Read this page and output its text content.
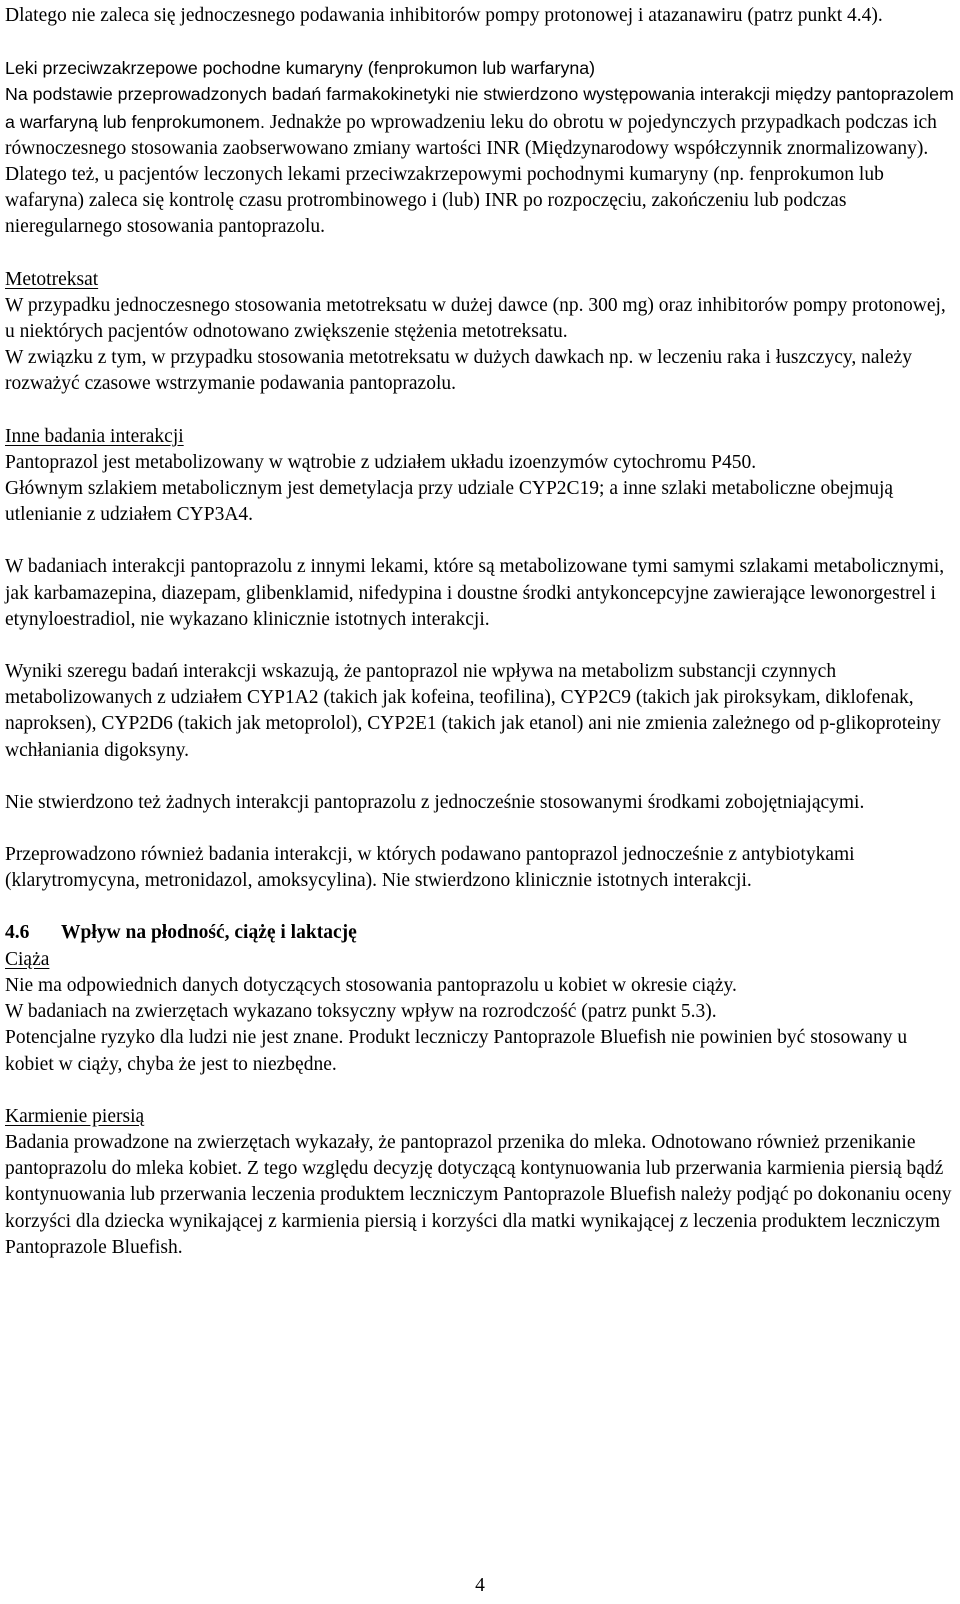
Dlatego nie zaleca się jednoczesnego podawania inhibitorów pompy protonowej i atazanawiru (patrz punkt 4.4).

Leki przeciwzakrzepowe pochodne kumaryny (fenprokumon lub warfaryna)

Na podstawie przeprowadzonych badań farmakokinetyki nie stwierdzono występowania interakcji między pantoprazolem a warfaryną lub fenprokumonem. Jednakże po wprowadzeniu leku do obrotu w pojedynczych przypadkach podczas ich równoczesnego stosowania zaobserwowano zmiany wartości INR (Międzynarodowy współczynnik znormalizowany). Dlatego też, u pacjentów leczonych lekami przeciwzakrzepowymi pochodnymi kumaryny (np. fenprokumon lub wafaryna) zaleca się kontrolę czasu protrombinowego i (lub) INR po rozpoczęciu, zakończeniu lub podczas nieregularnego stosowania pantoprazolu.

Metotreksat

W przypadku jednoczesnego stosowania metotreksatu w dużej dawce (np. 300 mg) oraz inhibitorów pompy protonowej, u niektórych pacjentów odnotowano zwiększenie stężenia metotreksatu.

W związku z tym, w przypadku stosowania metotreksatu w dużych dawkach np. w leczeniu raka i łuszczycy, należy rozważyć czasowe wstrzymanie podawania pantoprazolu.

Inne badania interakcji

Pantoprazol jest metabolizowany w wątrobie z udziałem układu izoenzymów cytochromu P450.

Głównym szlakiem metabolicznym jest demetylacja przy udziale CYP2C19; a inne szlaki metaboliczne obejmują utlenianie z udziałem CYP3A4.

W badaniach interakcji pantoprazolu z innymi lekami, które są metabolizowane tymi samymi szlakami metabolicznymi, jak karbamazepina, diazepam, glibenklamid, nifedypina i doustne środki antykoncepcyjne zawierające lewonorgestrel i etynyloestradiol, nie wykazano klinicznie istotnych interakcji.

Wyniki szeregu badań interakcji wskazują, że pantoprazol nie wpływa na metabolizm substancji czynnych metabolizowanych z udziałem CYP1A2 (takich jak kofeina, teofilina), CYP2C9 (takich jak piroksykam, diklofenak, naproksen), CYP2D6 (takich jak metoprolol), CYP2E1 (takich jak etanol) ani nie zmienia zależnego od p-glikoproteiny wchłaniania digoksyny.

Nie stwierdzono też żadnych interakcji pantoprazolu z jednocześnie stosowanymi środkami zobojętniającymi.

Przeprowadzono również badania interakcji, w których podawano pantoprazol jednocześnie z antybiotykami (klarytromycyna, metronidazol, amoksycylina). Nie stwierdzono klinicznie istotnych interakcji.

4.6 Wpływ na płodność, ciążę i laktację

Ciąża

Nie ma odpowiednich danych dotyczących stosowania pantoprazolu u kobiet w okresie ciąży.

W badaniach na zwierzętach wykazano toksyczny wpływ na rozrodczość (patrz punkt 5.3).

Potencjalne ryzyko dla ludzi nie jest znane. Produkt leczniczy Pantoprazole Bluefish nie powinien być stosowany u kobiet w ciąży, chyba że jest to niezbędne.

Karmienie piersią

Badania prowadzone na zwierzętach wykazały, że pantoprazol przenika do mleka. Odnotowano również przenikanie pantoprazolu do mleka kobiet. Z tego względu decyzję dotyczącą kontynuowania lub przerwania karmienia piersią bądź kontynuowania lub przerwania leczenia produktem leczniczym Pantoprazole Bluefish należy podjąć po dokonaniu oceny korzyści dla dziecka wynikającej z karmienia piersią i korzyści dla matki wynikającej z leczenia produktem leczniczym Pantoprazole Bluefish.

4
